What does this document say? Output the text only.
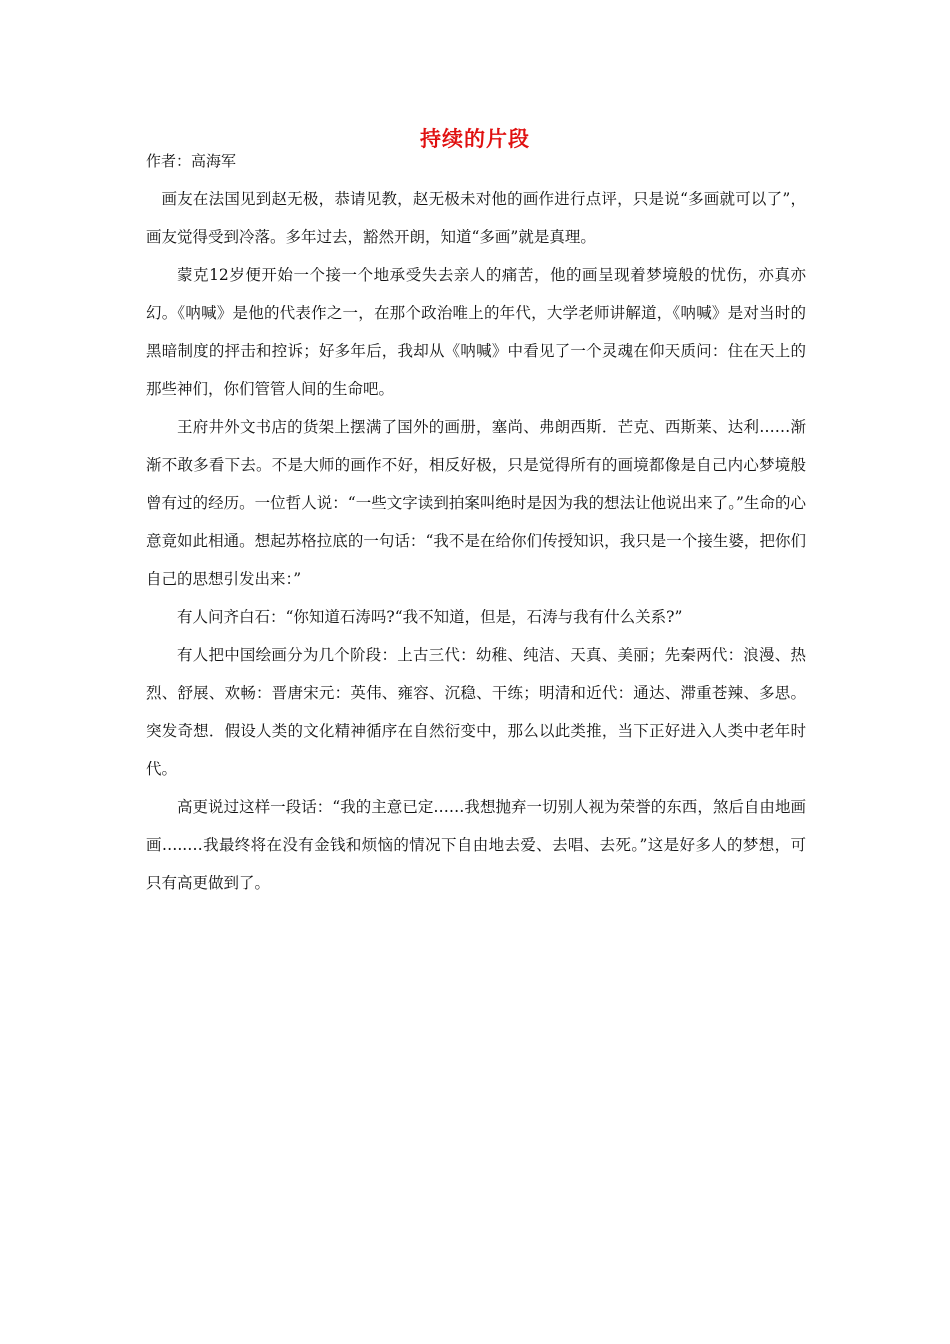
持续的片段
作者：高海军

画友在法国见到赵无极，恭请见教，赵无极未对他的画作进行点评，只是说“多画就可以了”，画友觉得受到冷落。多年过去，豁然开朗，知道“多画”就是真理。

蒙克12岁便开始一个接一个地承受失去亲人的痛苦，他的画呈现着梦境般的忧伤，亦真亦幻。《呐喊》是他的代表作之一，在那个政治唯上的年代，大学老师讲解道，《呐喊》是对当时的黑暗制度的抨击和控诉；好多年后，我却从《呐喊》中看见了一个灵魂在仰天质问：住在天上的那些神们，你们管管人间的生命吧。

王府井外文书店的货架上摆满了国外的画册，塞尚、弗朗西斯．芒克、西斯莱、达利……渐渐不敢多看下去。不是大师的画作不好，相反好极，只是觉得所有的画境都像是自己内心梦境般曾有过的经历。一位哲人说：“一些文字读到拍案叫绝时是因为我的想法让他说出来了。”生命的心意竟如此相通。想起苏格拉底的一句话：“我不是在给你们传授知识，我只是一个接生婆，把你们自己的思想引发出来：”

有人问齐白石：“你知道石涛吗?“我不知道，但是，石涛与我有什么关系?”

有人把中国绘画分为几个阶段：上古三代：幼稚、纯洁、天真、美丽；先秦两代：浪漫、热烈、舒展、欢畅：晋唐宋元：英伟、雍容、沉稳、干练；明清和近代：通达、滞重苍辣、多思。突发奇想．假设人类的文化精神循序在自然衍变中，那么以此类推，当下正好进入人类中老年时代。

高更说过这样一段话：“我的主意已定……我想抛弃一切别人视为荣誉的东西，煞后自由地画画…..…我最终将在没有金钱和烦恼的情况下自由地去爱、去唱、去死。”这是好多人的梦想，可只有高更做到了。
